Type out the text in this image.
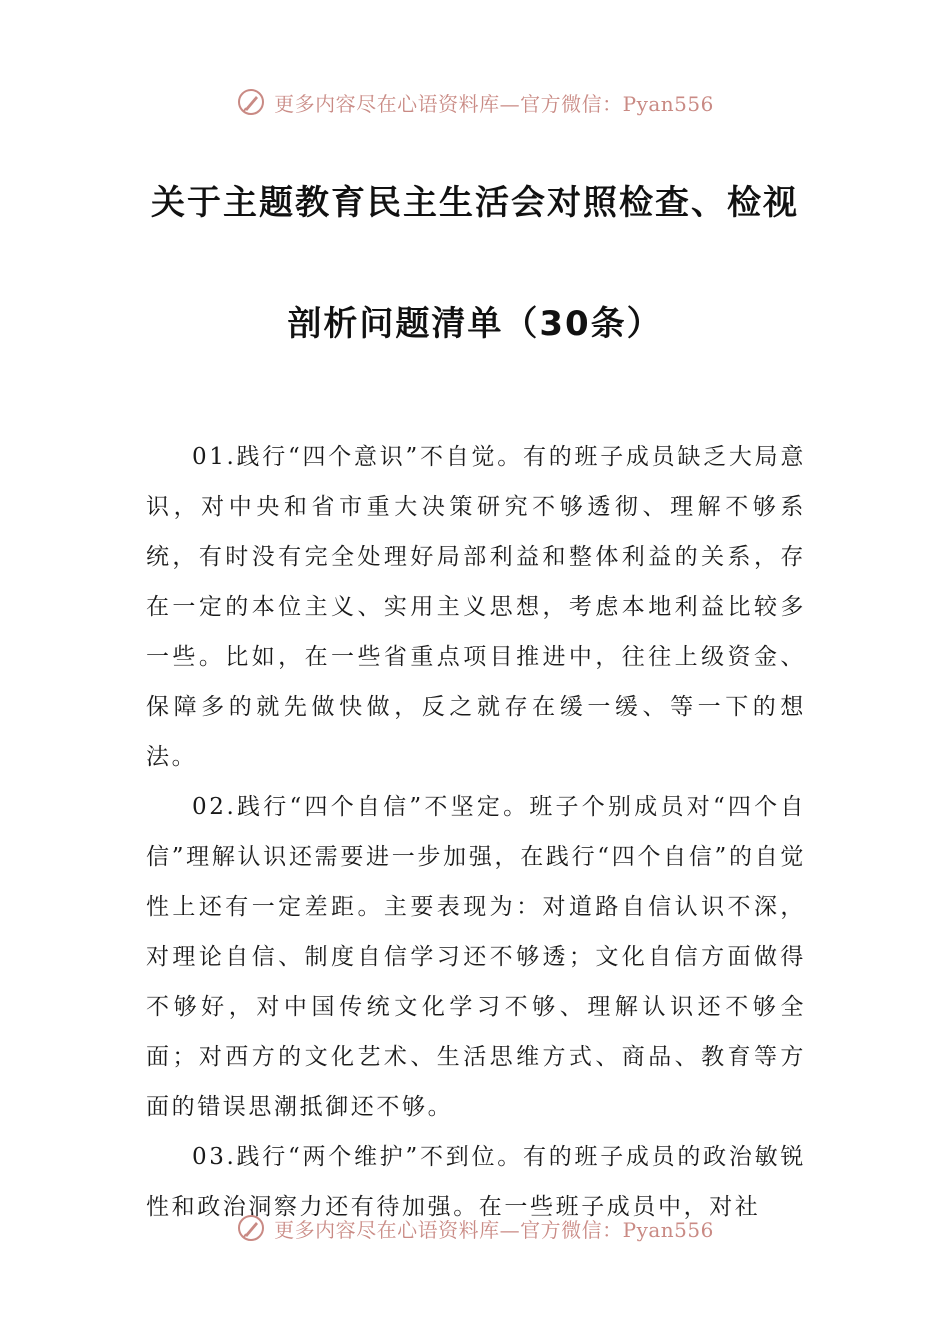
更多内容尽在心语资料库—官方微信：Pyan556
关于主题教育民主生活会对照检查、检视
剖析问题清单（30条）

01.践行“四个意识”不自觉。有的班子成员缺乏大局意识，对中央和省市重大决策研究不够透彻、理解不够系统，有时没有完全处理好局部利益和整体利益的关系，存在一定的本位主义、实用主义思想，考虑本地利益比较多一些。比如，在一些省重点项目推进中，往往上级资金、保障多的就先做快做，反之就存在缓一缓、等一下的想法。

02.践行“四个自信”不坚定。班子个别成员对“四个自信”理解认识还需要进一步加强，在践行“四个自信”的自觉性上还有一定差距。主要表现为：对道路自信认识不深，对理论自信、制度自信学习还不够透；文化自信方面做得不够好，对中国传统文化学习不够、理解认识还不够全面；对西方的文化艺术、生活思维方式、商品、教育等方面的错误思潮抵御还不够。

03.践行“两个维护”不到位。有的班子成员的政治敏锐性和政治洞察力还有待加强。在一些班子成员中，对社

更多内容尽在心语资料库—官方微信：Pyan556
